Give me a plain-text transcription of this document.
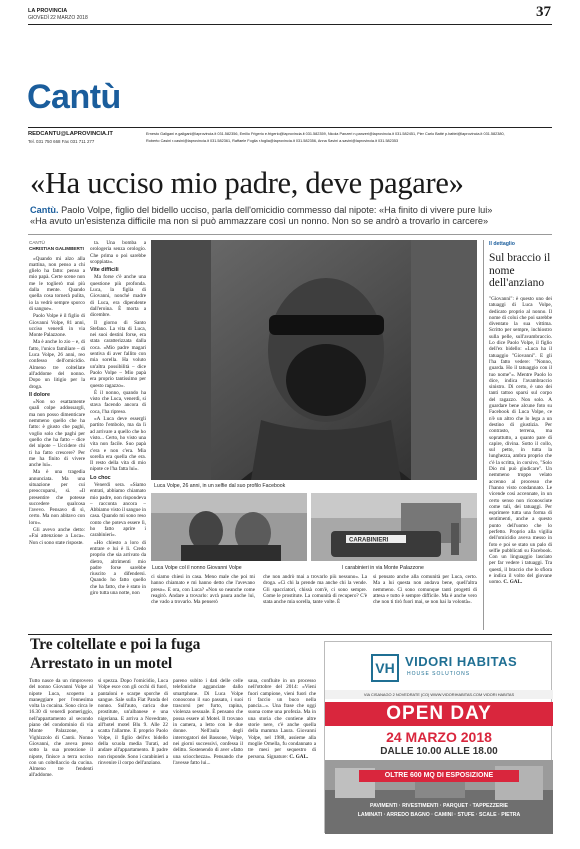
LA PROVINCIA
GIOVEDÌ 22 MARZO 2018	37
Cantù
REDCANTU@LAPROVINCIA.IT
Tel. 031 750 668 Fax 031 711 277
Ernesto Galigani e.galigani@laprovincia.it 031.582356, Emilio Frigerio e.frigerio@laprovincia.it 031.582359, Nicola Panzeri n.panzeri@laprovincia.it 031.582451, Pier Carlo Batté p.battei@laprovincia.it 031.582380,
Roberto Casini r.casini@laprovincia.it 031.582361, Raffaele Foglia r.foglia@laprovincia.it 031.582356, Anna Savini a.savini@laprovincia.it 031.582353
«Ha ucciso mio padre, deve pagare»
Cantù. Paolo Volpe, figlio del bidello ucciso, parla dell'omicidio commesso dal nipote: «Ha finito di vivere pure lui»
«Ha avuto un'esistenza difficile ma non si può ammazzare così un nonno. Non so se andrò a trovarlo in carcere»
CANTÙ
CHRISTIAN GALIMBERTI

«Quando mi alzo alla mattina, non penso a chi glielo ha fatto: penso a mio papà. Certe scene non me le toglierò mai più dalla mente. Quando quella cosa tornerà pulita, io la vedrò sempre sporco di sangue».

Paolo Volpe è il figlio di Giovanni Volpe, 81 anni, ucciso venerdì in via Monte Palazzone.

Ma è anche lo zio – e, di fatto, l'unico familiare – di Luca Volpe, 26 anni, reo confesso dell'omicidio. Almeno tre coltellate all'addome del nonno. Dopo un litigio per la droga.

Il dolore

«Non so esattamente quali colpe addossargli, ma non posso dimenticare nemmeno quello che ha fatto: è giusto che paghi, voglio solo che paghi per quello che ha fatto – dice del nipote – Uccidere chi ti ha fatto crescere? Per me ha finito di vivere anche lui».

Ma è una tragedia annunciata. Ma una situazione per cui preoccuparsi, sì. «Il presentire che potesse succedere qualcosa l'avevo. Pensavo di sì, certo. Ma non abitavo con loro».

Gli avevo anche detto: «Fai attenzione a Luca». Non ci sono state risposte.

ta. Una bomba a orologeria senza orologio. Che prima o poi sarebbe scoppiata».

Vite difficili

Ma forse c'è anche una questione più profonda. Luca, la figlia di Giovanni, nonché madre di Luca, era dipendente dall'eroina. È morta a dicembre.

Il giorno di Santo Stefano. La vita di Luca, nei suoi destini forse, era stata caratterizzata dalla coca. «Mio padre magari sentiva di aver fallito con mia sorella. Ha voluto un'altra possibilità – dice Paolo Volpe – Mio papà era proprio tantissimo per questo ragazzo».

È il nonno, quando ha visto che Luca, venerdì, si stava facendo ancora di coca, l'ha ripreso.

«A Luca deve essergli partito l'embolo, ma da lì ad arrivare a quello che ho visto... Certo, ho visto una vita non facile. Suo papà c'era e non c'era. Mia sorella era quella che era. Il resto della vita di mio nipote ce l'ha fatta lui».

Lo choc

Venerdì sera. «Siamo entrati, abbiamo chiamato mio padre, non rispondeva – racconta ancora – Abbiamo visto il sangue in casa. Quando mi sono reso conto che poteva essere lì, ho fatto aprire i carabinieri».

«Ho chiesto a loro di entrare e lui è lì. Credo proprio che sia arrivato da dietro, altrimenti mio padre forse sarebbe riuscito a difendersi. Quando ho fatto quello che ha fatto, che è stato in giro tutta una notte, non

Luca Volpe, 26 anni, in un selfie dal suo profilo Facebook
Luca Volpe col il nonno Giovanni Volpe
CARABINIERI
I carabinieri in via Monte Palazzone
ci siamo chiesi in casa. Meno male che poi mi hanno chiamato e mi hanno detto che l'avevano preso». E ora, con Luca? «Non so neanche come reagirò. Andare a trovarlo: avrà paura anche lui, che vado a trovarlo. Ma penserò
che non andrò mai a trovarlo più nessuno». La droga. «Ci chi la prende ma anche chi la vende. Gli spacciatori, chissà com'è, ci sono sempre. Come le prostitute. La comunità di recupero? C'è stata anche mia sorella, tante volte. È
si pensato anche alla comunità per Luca, certo. Ma a lui questa non andava bene, quell'altra nemmeno. Ci sono comunque tanti progetti di attesa e tutto è sempre difficile. Ma è anche vero che non ti tirò fuori mai, se non hai la volontà».
Il dettaglio
Sul braccio il nome dell'anziano
"Giovanni": è questo uno dei tatuaggi di Luca Volpe, dedicato proprio al nonno. Il nome di colui che poi sarebbe diventato la sua vittima. Scritto per sempre, inchiostro sulla pelle, sull'avambraccio. Lo dice Paolo Volpe, il figlio dell'ex bidello: «Luca ha il tatuaggio "Giovanni". E gli l'ha fatto vedere: "Nonno, guarda. Ho il tatuaggio con il tuo nome"». Mentre Paolo lo dice, indica l'avambraccio sinistro. Di certo, è uno dei tanti tattoo sparsi sul corpo del ragazzo. Non solo. A guardare bene alcune foto su Facebook di Luca Volpe, ce n'è un altro che lo lega a un destino di giustizia. Per contrasto, terrena, ma soprattutto, a quanto pare di capire, divina. Sotto il collo, sul petto, in tutta la lunghezza, ambra proprio che c'è la scritta, in corsivo, "Solo Dio mi può giudicare". Un nemmeno troppo velato accenno al processo che l'hanno visto condannato. Le vicende così accennate, in un certo senso non riconosciute come tali, dei tatuaggi. Per esprimere tutta una forma di sentimenti, anche a questo punto dell'uomo che lo perfetto. Proprio alla vigilia dell'omicidio aveva messo in foto e poi se stato un palo di selfie pubblicati su Facebook. Con un linguaggio lasciato per far vedere i tatuaggi. Tra questi, il braccio che lo sfiora e indica il volto del giovane uomo. C. GAL.
Tre coltellate e poi la fuga
Arrestato in un motel
Tutto nasce da un rimprovero del nonno Giovanni Volpe al nipote Luca, scoperto a maneggiare per l'ennesima volta la cocaina. Sono circa le 16.30 di venerdì pomeriggio, nell'appartamento al secondo piano del condominio di via Monte Palazzone, a Vighizzolo di Cantù. Nonno Giovanni, che aveva preso sotto la sua protezione il nipote, finisce a terra ucciso con un coltellaccio da cucina. Almeno tre fendenti all'addome.
si spezza. Dopo l'omicidio, Luca Volpe esce con gli occhi di fuori, pantaloni e scarpe sporche di sangue. Sale sulla Fiat Panda del nonno. Sull'auto, carica due prostitute, un'albanese e una nigeriana. E arriva a Novedrate, all'hotel motel Blu 9. Alle 22 scatta l'allarme. E proprio Paolo Volpe, il figlio dell'ex bidello della scuola media Turati, ad andare all'appartamento. Il padre non risponde. Sono i carabinieri a rinvenire il corpo dell'anziano.
pareno subito i dati delle celle telefoniche agganciate dallo smartphone. Di Luca Volpe conoscono il suo passato, i suoi trascorsi per furto, rapina, violenza sessuale. È pensano che possa essere al Motel. Il trovano in camera, a letto con le due donne. Nell'aula degli interrogatori del Bassone, Volpe, nei giorni successivi, confessa il delitto. Sostenendo di aver «fatto una sciocchezza». Pensando che l'avesse fatto lui...
saua, confluite in un processo nell'ottobre del 2014: «Vieni fuori campione, vieni fuori che ti faccio un buco nella pancia...». Una frase che oggi suona come una profezia. Ma in una storia che contiene altre storie nere, c'è anche quella della mamma Laura. Giovanni Volpe, nel 1988, assieme alla moglie Ornella, fu condannato a tre mesi per sequestro di persona. Signature: C. GAL.
VH VIDORI HABITAS
HOUSE SOLUTIONS
VIA CISANAGO 2 NOVEDRATE (CO) WWW.VIDORIHABITAS.COM VIDORI HABITAS
OPEN DAY
24 MARZO 2018
DALLE 10.00 ALLE 18.00
OLTRE 600 MQ DI ESPOSIZIONE
PAVIMENTI · RIVESTIMENTI · PARQUET · TAPPEZZERIE
LAMINATI · ARREDO BAGNO · CAMINI · STUFE · SCALE · PIETRA
